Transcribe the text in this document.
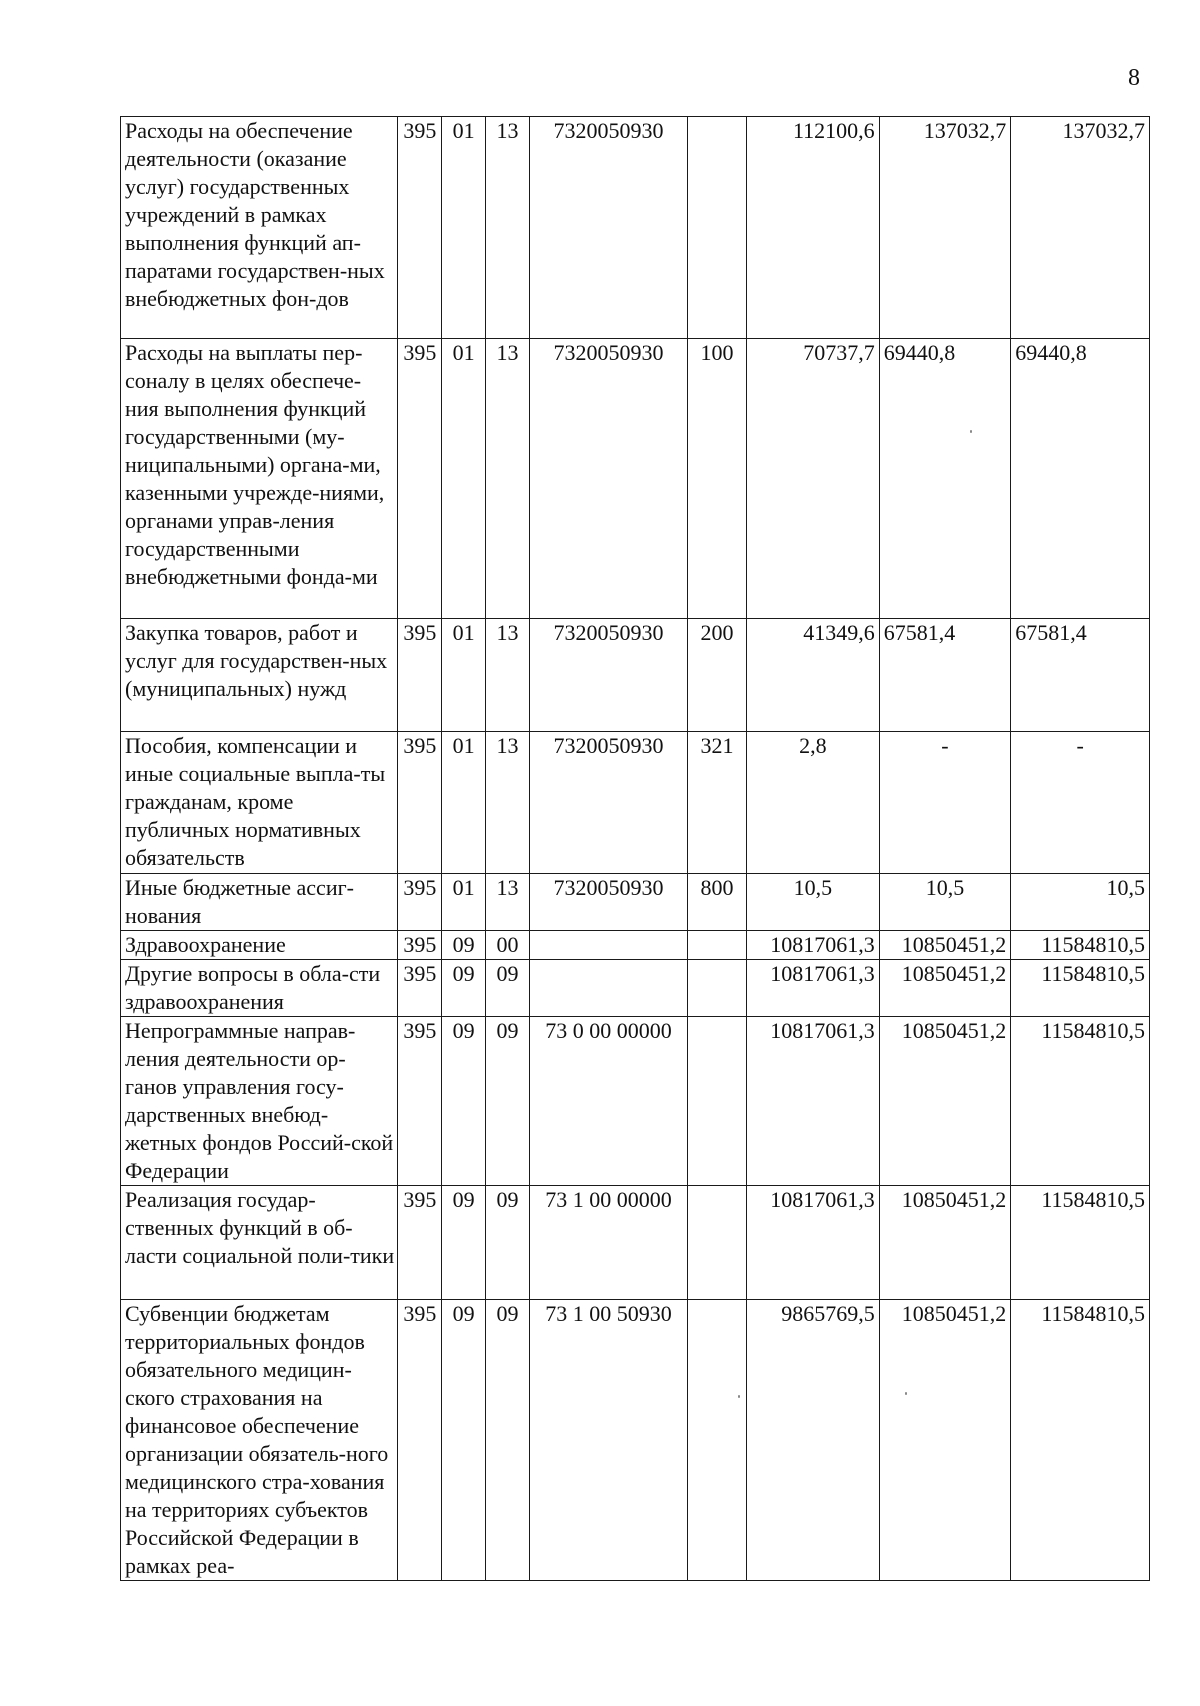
8
Расходы на обеспечение деятельности (оказание услуг) государственных учреждений в рамках выполнения функций ап-паратами государствен-ных внебюджетных фон-дов	395	01	13	7320050930		112100,6	137032,7	137032,7
Расходы на выплаты пер-соналу в целях обеспече-ния выполнения функций государственными (му-ниципальными) органа-ми, казенными учрежде-ниями, органами управ-ления государственными внебюджетными фонда-ми	395	01	13	7320050930	100	70737,7	69440,8	69440,8
Закупка товаров, работ и услуг для государствен-ных (муниципальных) нужд	395	01	13	7320050930	200	41349,6	67581,4	67581,4
Пособия, компенсации и иные социальные выпла-ты гражданам, кроме публичных нормативных обязательств	395	01	13	7320050930	321	2,8	-	-
Иные бюджетные ассиг-нования	395	01	13	7320050930	800	10,5	10,5	10,5
Здравоохранение	395	09	00			10817061,3	10850451,2	11584810,5
Другие вопросы в обла-сти здравоохранения	395	09	09			10817061,3	10850451,2	11584810,5
Непрограммные направ-ления деятельности ор-ганов управления госу-дарственных внебюд-жетных фондов Россий-ской Федерации	395	09	09	73 0 00 00000		10817061,3	10850451,2	11584810,5
Реализация государ-ственных функций в об-ласти социальной поли-тики	395	09	09	73 1 00 00000		10817061,3	10850451,2	11584810,5
Субвенции бюджетам территориальных фондов обязательного медицин-ского страхования на финансовое обеспечение организации обязатель-ного медицинского стра-хования на территориях субъектов Российской Федерации в рамках реа-	395	09	09	73 1 00 50930		9865769,5	10850451,2	11584810,5
